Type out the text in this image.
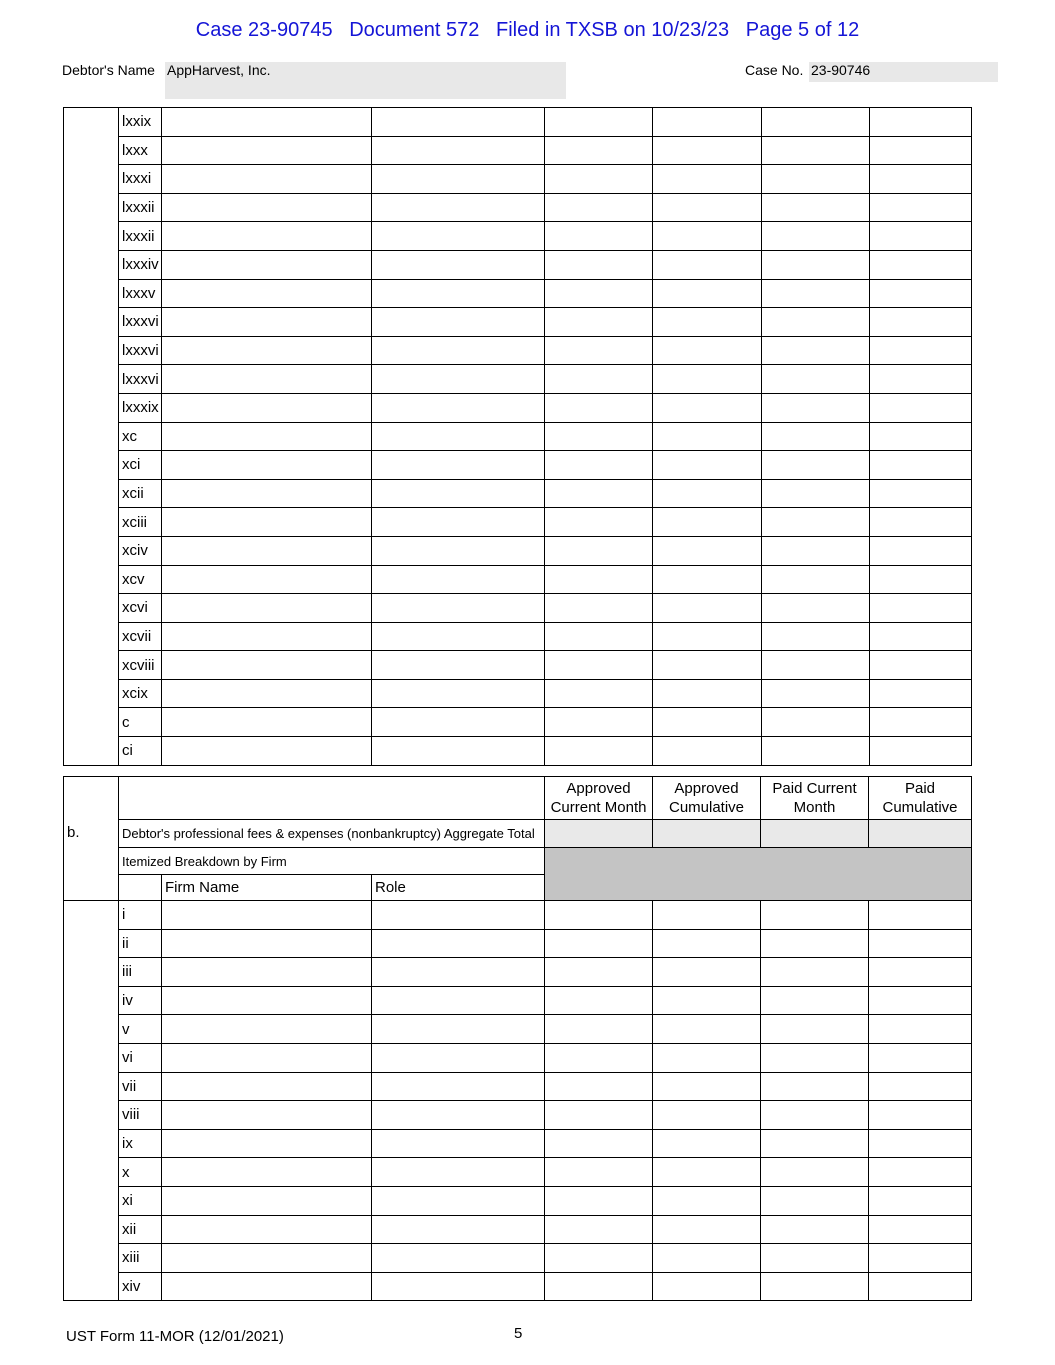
Case 23-90745   Document 572   Filed in TXSB on 10/23/23   Page 5 of 12
Debtor's Name AppHarvest, Inc.	Case No. 23-90746
	lxxix						
	lxxx						
	lxxxi						
	lxxxii						
	lxxxii						
	lxxxiv						
	lxxxv						
	lxxxvi						
	lxxxvi						
	lxxxvi						
	lxxxix						
	xc						
	xci						
	xcii						
	xciii						
	xciv						
	xcv						
	xcvi						
	xcvii						
	xcviii						
	xcix						
	c						
	ci						
b.				Approved Current Month	Approved Cumulative	Paid Current Month	Paid Cumulative
	Debtor's professional fees & expenses (nonbankruptcy) Aggregate Total						
	Itemized Breakdown by Firm						
		Firm Name	Role				
	i						
	ii						
	iii						
	iv						
	v						
	vi						
	vii						
	viii						
	ix						
	x						
	xi						
	xii						
	xiii						
	xiv						
UST Form 11-MOR (12/01/2021)	5
